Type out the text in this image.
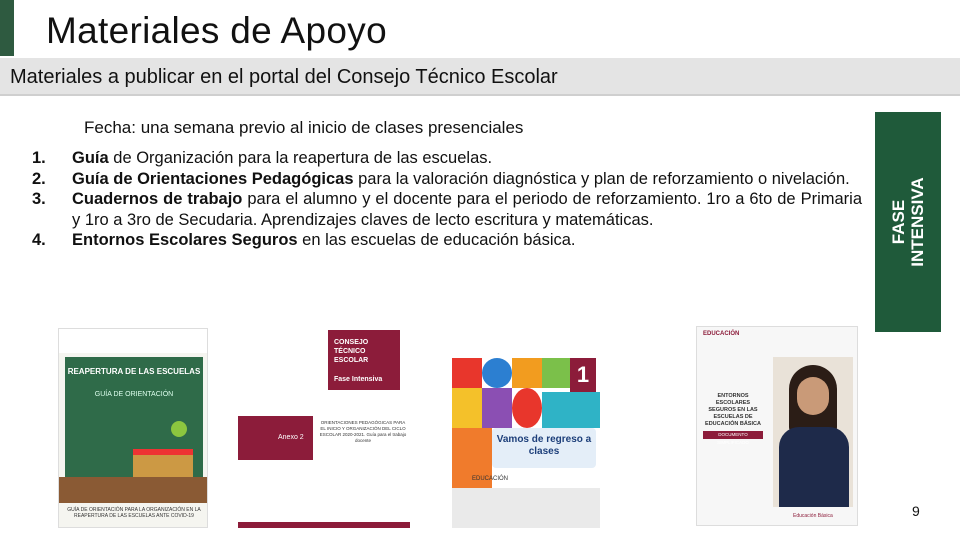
Materiales de Apoyo
Materiales a publicar en el portal del Consejo Técnico Escolar
FASE INTENSIVA
Fecha: una semana previo al inicio de clases presenciales
1.	Guía de Organización para la reapertura de las escuelas.
2.	Guía de Orientaciones Pedagógicas para la valoración diagnóstica y plan de reforzamiento o nivelación.
3.	Cuadernos de trabajo para el alumno y el docente para el periodo de reforzamiento. 1ro a 6to de Primaria y 1ro a 3ro de Secudaria. Aprendizajes claves de lecto escritura y matemáticas.
4.	Entornos Escolares Seguros en las escuelas de educación básica.
REAPERTURA DE LAS ESCUELAS
GUÍA DE ORIENTACIÓN
GUÍA DE ORIENTACIÓN PARA LA ORGANIZACIÓN EN LA REAPERTURA DE LAS ESCUELAS ANTE COVID-19
CONSEJO TÉCNICO ESCOLAR
Fase Intensiva
Anexo 2
ORIENTACIONES PEDAGÓGICAS PARA EL INICIO Y ORGANIZACIÓN DEL CICLO ESCOLAR 2020-2021. Guía para el trabajo docente
1
Vamos de regreso a clases
EDUCACIÓN
EDUCACIÓN
ENTORNOS ESCOLARES SEGUROS EN LAS ESCUELAS DE EDUCACIÓN BÁSICA
DOCUMENTO SIMPLIFICADO
Educación Básica	9
